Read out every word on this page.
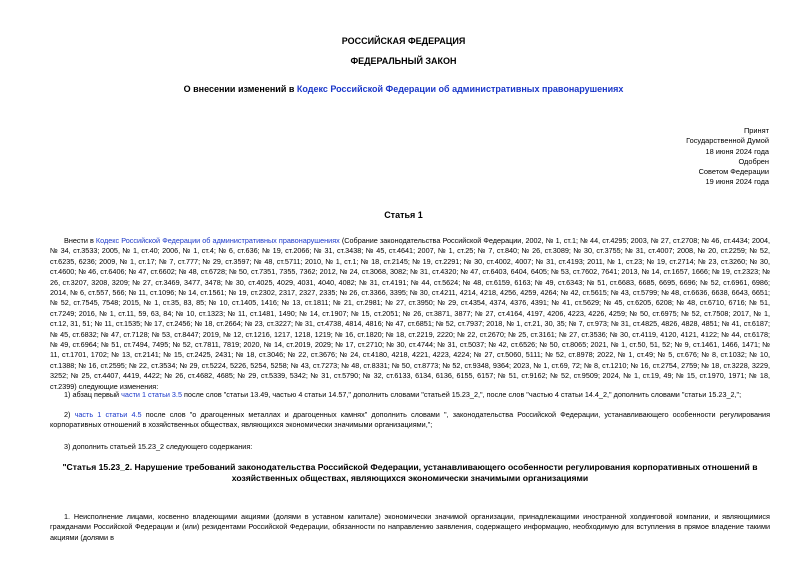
РОССИЙСКАЯ ФЕДЕРАЦИЯ
ФЕДЕРАЛЬНЫЙ ЗАКОН
О внесении изменений в Кодекс Российской Федерации об административных правонарушениях
Принят
Государственной Думой
18 июня 2024 года
Одобрен
Советом Федерации
19 июня 2024 года
Статья 1

Внести в Кодекс Российской Федерации об административных правонарушениях (Собрание законодательства Российской Федерации, 2002, № 1, ст.1; № 44, ст.4295; 2003, № 27, ст.2708; № 46, ст.4434; 2004, № 34, ст.3533; 2005, № 1, ст.40; 2006, № 1, ст.4; № 6, ст.636; № 19, ст.2066; № 31, ст.3438; № 45, ст.4641; 2007, № 1, ст.25; № 7, ст.840; № 26, ст.3089; № 30, ст.3755; № 31, ст.4007; 2008, № 20, ст.2259; № 52, ст.6235, 6236; 2009, № 1, ст.17; № 7, ст.777; № 29, ст.3597; № 48, ст.5711; 2010, № 1, ст.1; № 18, ст.2145; № 19, ст.2291; № 30, ст.4002, 4007; № 31, ст.4193; 2011, № 1, ст.23; № 19, ст.2714; № 23, ст.3260; № 30, ст.4600; № 46, ст.6406; № 47, ст.6602; № 48, ст.6728; № 50, ст.7351, 7355, 7362; 2012, № 24, ст.3068, 3082; № 31, ст.4320; № 47, ст.6403, 6404, 6405; № 53, ст.7602, 7641; 2013, № 14, ст.1657, 1666; № 19, ст.2323; № 26, ст.3207, 3208, 3209; № 27, ст.3469, 3477, 3478; № 30, ст.4025, 4029, 4031, 4040, 4082; № 31, ст.4191; № 44, ст.5624; № 48, ст.6159, 6163; № 49, ст.6343; № 51, ст.6683, 6685, 6695, 6696; № 52, ст.6961, 6986; 2014, № 6, ст.557, 566; № 11, ст.1096; № 14, ст.1561; № 19, ст.2302, 2317, 2327, 2335; № 26, ст.3366, 3395; № 30, ст.4211, 4214, 4218, 4256, 4259, 4264; № 42, ст.5615; № 43, ст.5799; № 48, ст.6636, 6638, 6643, 6651; № 52, ст.7545, 7548; 2015, № 1, ст.35, 83, 85; № 10, ст.1405, 1416; № 13, ст.1811; № 21, ст.2981; № 27, ст.3950; № 29, ст.4354, 4374, 4376, 4391; № 41, ст.5629; № 45, ст.6205, 6208; № 48, ст.6710, 6716; № 51, ст.7249; 2016, № 1, ст.11, 59, 63, 84; № 10, ст.1323; № 11, ст.1481, 1490; № 14, ст.1907; № 15, ст.2051; № 26, ст.3871, 3877; № 27, ст.4164, 4197, 4206, 4223, 4226, 4259; № 50, ст.6975; № 52, ст.7508; 2017, № 1, ст.12, 31, 51; № 11, ст.1535; № 17, ст.2456; № 18, ст.2664; № 23, ст.3227; № 31, ст.4738, 4814, 4816; № 47, ст.6851; № 52, ст.7937; 2018, № 1, ст.21, 30, 35; № 7, ст.973; № 31, ст.4825, 4826, 4828, 4851; № 41, ст.6187; № 45, ст.6832; № 47, ст.7128; № 53, ст.8447; 2019, № 12, ст.1216, 1217, 1218, 1219; № 16, ст.1820; № 18, ст.2219, 2220; № 22, ст.2670; № 25, ст.3161; № 27, ст.3536; № 30, ст.4119, 4120, 4121, 4122; № 44, ст.6178; № 49, ст.6964; № 51, ст.7494, 7495; № 52, ст.7811, 7819; 2020, № 14, ст.2019, 2029; № 17, ст.2710; № 30, ст.4744; № 31, ст.5037; № 42, ст.6526; № 50, ст.8065; 2021, № 1, ст.50, 51, 52; № 9, ст.1461, 1466, 1471; № 11, ст.1701, 1702; № 13, ст.2141; № 15, ст.2425, 2431; № 18, ст.3046; № 22, ст.3676; № 24, ст.4180, 4218, 4221, 4223, 4224; № 27, ст.5060, 5111; № 52, ст.8978; 2022, № 1, ст.49; № 5, ст.676; № 8, ст.1032; № 10, ст.1388; № 16, ст.2595; № 22, ст.3534; № 29, ст.5224, 5226, 5254, 5258; № 43, ст.7273; № 48, ст.8331; № 50, ст.8773; № 52, ст.9348, 9364; 2023, № 1, ст.69, 72; № 8, ст.1210; № 16, ст.2754, 2759; № 18, ст.3228, 3229, 3252; № 25, ст.4407, 4419, 4422; № 26, ст.4682, 4685; № 29, ст.5339, 5342; № 31, ст.5790; № 32, ст.6133, 6134, 6136, 6155, 6157; № 51, ст.9162; № 52, ст.9509; 2024, № 1, ст.19, 49; № 15, ст.1970, 1971; № 18, ст.2399) следующие изменения:

1) абзац первый части 1 статьи 3.5 после слов "статьи 13.49, частью 4 статьи 14.57," дополнить словами "статьей 15.23_2,", после слов "частью 4 статьи 14.4_2," дополнить словами "статьи 15.23_2,";

2) часть 1 статьи 4.5 после слов "о драгоценных металлах и драгоценных камнях" дополнить словами ", законодательства Российской Федерации, устанавливающего особенности регулирования корпоративных отношений в хозяйственных обществах, являющихся экономически значимыми организациями,";

3) дополнить статьей 15.23_2 следующего содержания:

"Статья 15.23_2. Нарушение требований законодательства Российской Федерации, устанавливающего особенности регулирования корпоративных отношений в хозяйственных обществах, являющихся экономически значимыми организациями

1. Неисполнение лицами, косвенно владеющими акциями (долями в уставном капитале) экономически значимой организации, принадлежащими иностранной холдинговой компании, и являющимися гражданами Российской Федерации и (или) резидентами Российской Федерации, обязанности по направлению заявления, содержащего информацию, необходимую для вступления в прямое владение такими акциями (долями в
